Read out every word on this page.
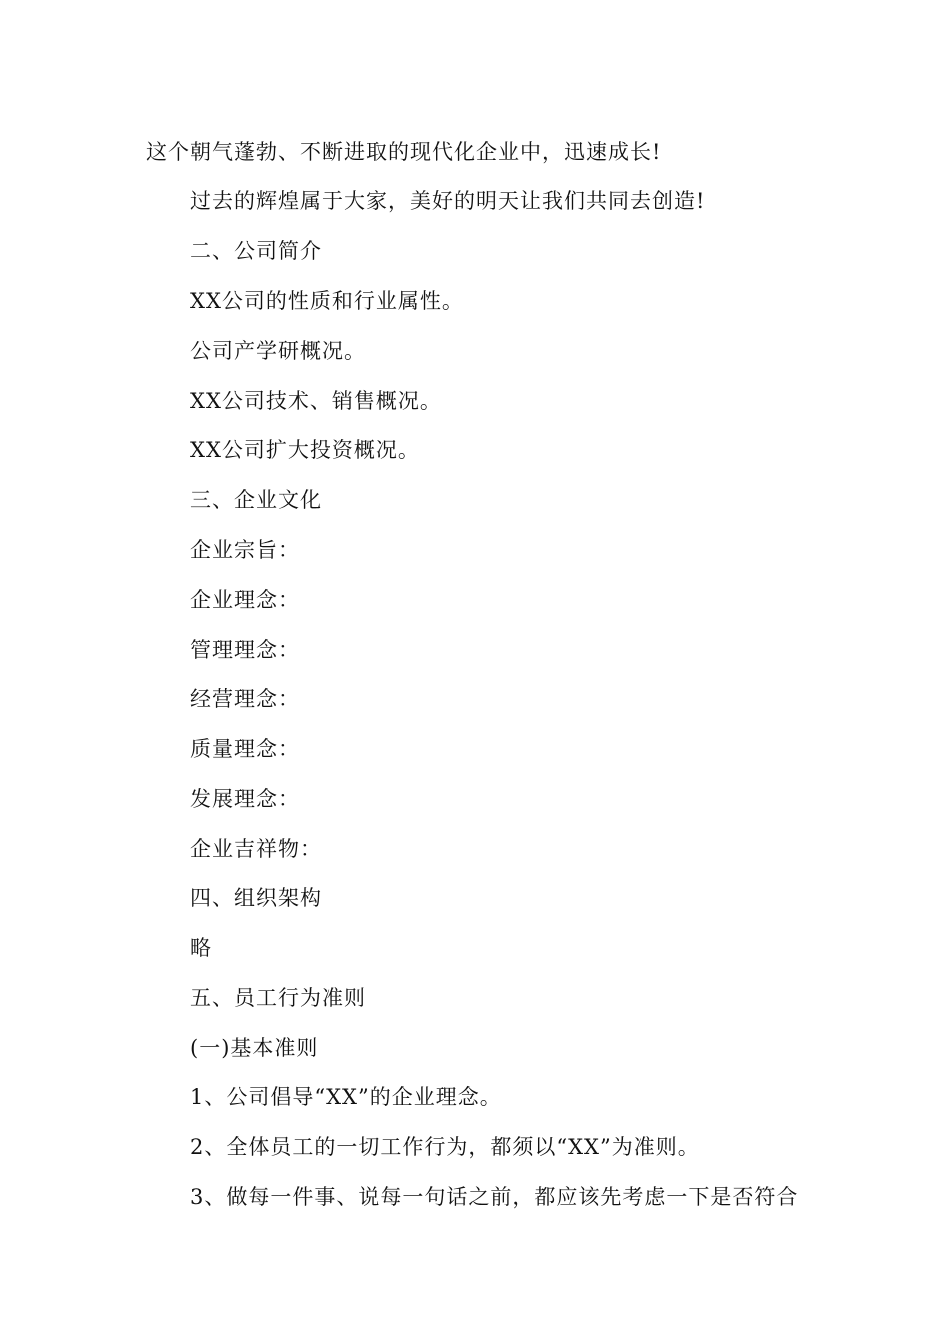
这个朝气蓬勃、不断进取的现代化企业中，迅速成长!
过去的辉煌属于大家，美好的明天让我们共同去创造!
二、公司简介
XX公司的性质和行业属性。
公司产学研概况。
XX公司技术、销售概况。
XX公司扩大投资概况。
三、企业文化
企业宗旨：
企业理念：
管理理念：
经营理念：
质量理念：
发展理念：
企业吉祥物：
四、组织架构
略
五、员工行为准则
(一)基本准则
1、公司倡导“XX”的企业理念。
2、全体员工的一切工作行为，都须以“XX”为准则。
3、做每一件事、说每一句话之前，都应该先考虑一下是否符合
